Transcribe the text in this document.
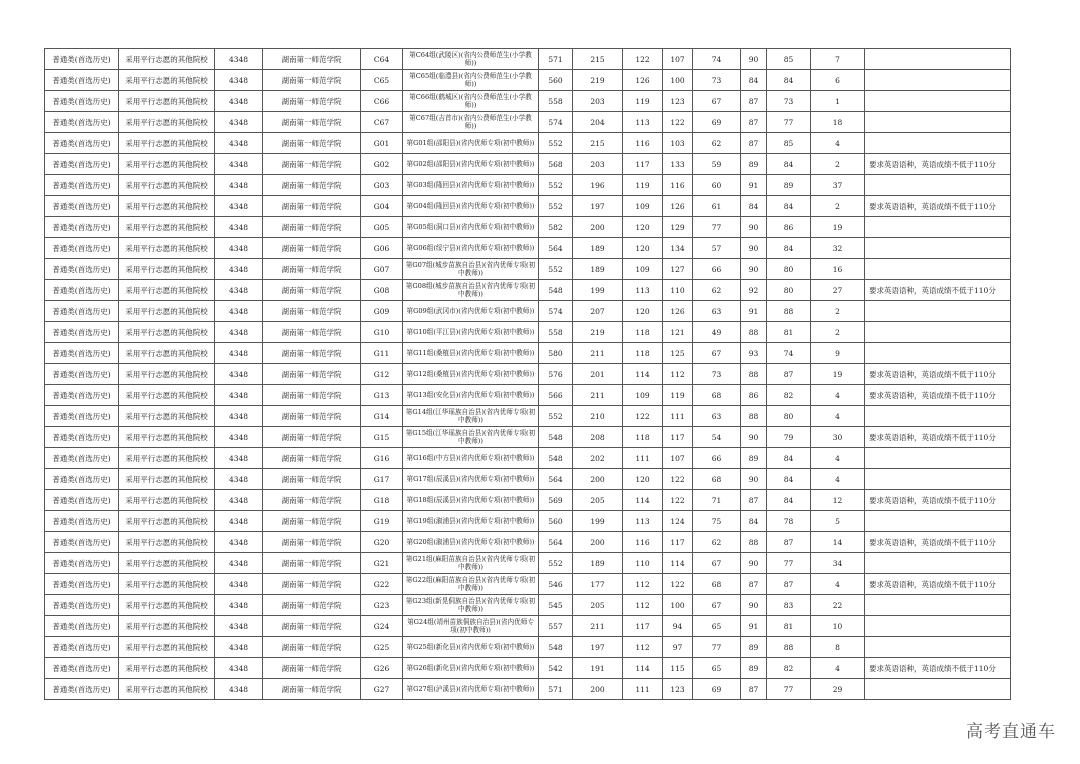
普通类(首选历史)	采用平行志愿的其他院校	4348	湖南第一师范学院	C64	第C64组(武陵区)(省内公费师范生(小学教师))	571	215	122	107	74	90	85	7	
普通类(首选历史)	采用平行志愿的其他院校	4348	湖南第一师范学院	C65	第C65组(临澧县)(省内公费师范生(小学教师))	560	219	126	100	73	84	84	6	
普通类(首选历史)	采用平行志愿的其他院校	4348	湖南第一师范学院	C66	第C66组(鹤城区)(省内公费师范生(小学教师))	558	203	119	123	67	87	73	1	
普通类(首选历史)	采用平行志愿的其他院校	4348	湖南第一师范学院	C67	第C67组(吉首市)(省内公费师范生(小学教师))	574	204	113	122	69	87	77	18	
普通类(首选历史)	采用平行志愿的其他院校	4348	湖南第一师范学院	G01	第G01组(邵阳县)(省内优师专项(初中教师))	552	215	116	103	62	87	85	4	
普通类(首选历史)	采用平行志愿的其他院校	4348	湖南第一师范学院	G02	第G02组(邵阳县)(省内优师专项(初中教师))	568	203	117	133	59	89	84	2	要求英语语种，英语成绩不低于110分
普通类(首选历史)	采用平行志愿的其他院校	4348	湖南第一师范学院	G03	第G03组(隆回县)(省内优师专项(初中教师))	552	196	119	116	60	91	89	37	
普通类(首选历史)	采用平行志愿的其他院校	4348	湖南第一师范学院	G04	第G04组(隆回县)(省内优师专项(初中教师))	552	197	109	126	61	84	84	2	要求英语语种，英语成绩不低于110分
普通类(首选历史)	采用平行志愿的其他院校	4348	湖南第一师范学院	G05	第G05组(洞口县)(省内优师专项(初中教师))	582	200	120	129	77	90	86	19	
普通类(首选历史)	采用平行志愿的其他院校	4348	湖南第一师范学院	G06	第G06组(绥宁县)(省内优师专项(初中教师))	564	189	120	134	57	90	84	32	
普通类(首选历史)	采用平行志愿的其他院校	4348	湖南第一师范学院	G07	第G07组(城步苗族自治县)(省内优师专项(初中教师))	552	189	109	127	66	90	80	16	
普通类(首选历史)	采用平行志愿的其他院校	4348	湖南第一师范学院	G08	第G08组(城步苗族自治县)(省内优师专项(初中教师))	548	199	113	110	62	92	80	27	要求英语语种，英语成绩不低于110分
普通类(首选历史)	采用平行志愿的其他院校	4348	湖南第一师范学院	G09	第G09组(武冈市)(省内优师专项(初中教师))	574	207	120	126	63	91	88	2	
普通类(首选历史)	采用平行志愿的其他院校	4348	湖南第一师范学院	G10	第G10组(平江县)(省内优师专项(初中教师))	558	219	118	121	49	88	81	2	
普通类(首选历史)	采用平行志愿的其他院校	4348	湖南第一师范学院	G11	第G11组(桑植县)(省内优师专项(初中教师))	580	211	118	125	67	93	74	9	
普通类(首选历史)	采用平行志愿的其他院校	4348	湖南第一师范学院	G12	第G12组(桑植县)(省内优师专项(初中教师))	576	201	114	112	73	88	87	19	要求英语语种，英语成绩不低于110分
普通类(首选历史)	采用平行志愿的其他院校	4348	湖南第一师范学院	G13	第G13组(安化县)(省内优师专项(初中教师))	566	211	109	119	68	86	82	4	要求英语语种，英语成绩不低于110分
普通类(首选历史)	采用平行志愿的其他院校	4348	湖南第一师范学院	G14	第G14组(江华瑶族自治县)(省内优师专项(初中教师))	552	210	122	111	63	88	80	4	
普通类(首选历史)	采用平行志愿的其他院校	4348	湖南第一师范学院	G15	第G15组(江华瑶族自治县)(省内优师专项(初中教师))	548	208	118	117	54	90	79	30	要求英语语种，英语成绩不低于110分
普通类(首选历史)	采用平行志愿的其他院校	4348	湖南第一师范学院	G16	第G16组(中方县)(省内优师专项(初中教师))	548	202	111	107	66	89	84	4	
普通类(首选历史)	采用平行志愿的其他院校	4348	湖南第一师范学院	G17	第G17组(辰溪县)(省内优师专项(初中教师))	564	200	120	122	68	90	84	4	
普通类(首选历史)	采用平行志愿的其他院校	4348	湖南第一师范学院	G18	第G18组(辰溪县)(省内优师专项(初中教师))	569	205	114	122	71	87	84	12	要求英语语种，英语成绩不低于110分
普通类(首选历史)	采用平行志愿的其他院校	4348	湖南第一师范学院	G19	第G19组(溆浦县)(省内优师专项(初中教师))	560	199	113	124	75	84	78	5	
普通类(首选历史)	采用平行志愿的其他院校	4348	湖南第一师范学院	G20	第G20组(溆浦县)(省内优师专项(初中教师))	564	200	116	117	62	88	87	14	要求英语语种，英语成绩不低于110分
普通类(首选历史)	采用平行志愿的其他院校	4348	湖南第一师范学院	G21	第G21组(麻阳苗族自治县)(省内优师专项(初中教师))	552	189	110	114	67	90	77	34	
普通类(首选历史)	采用平行志愿的其他院校	4348	湖南第一师范学院	G22	第G22组(麻阳苗族自治县)(省内优师专项(初中教师))	546	177	112	122	68	87	87	4	要求英语语种，英语成绩不低于110分
普通类(首选历史)	采用平行志愿的其他院校	4348	湖南第一师范学院	G23	第G23组(新晃侗族自治县)(省内优师专项(初中教师))	545	205	112	100	67	90	83	22	
普通类(首选历史)	采用平行志愿的其他院校	4348	湖南第一师范学院	G24	第G24组(靖州苗族侗族自治县)(省内优师专项(初中教师))	557	211	117	94	65	91	81	10	
普通类(首选历史)	采用平行志愿的其他院校	4348	湖南第一师范学院	G25	第G25组(新化县)(省内优师专项(初中教师))	548	197	112	97	77	89	88	8	
普通类(首选历史)	采用平行志愿的其他院校	4348	湖南第一师范学院	G26	第G26组(新化县)(省内优师专项(初中教师))	542	191	114	115	65	89	82	4	要求英语语种，英语成绩不低于110分
普通类(首选历史)	采用平行志愿的其他院校	4348	湖南第一师范学院	G27	第G27组(泸溪县)(省内优师专项(初中教师))	571	200	111	123	69	87	77	29	
高考直通车
